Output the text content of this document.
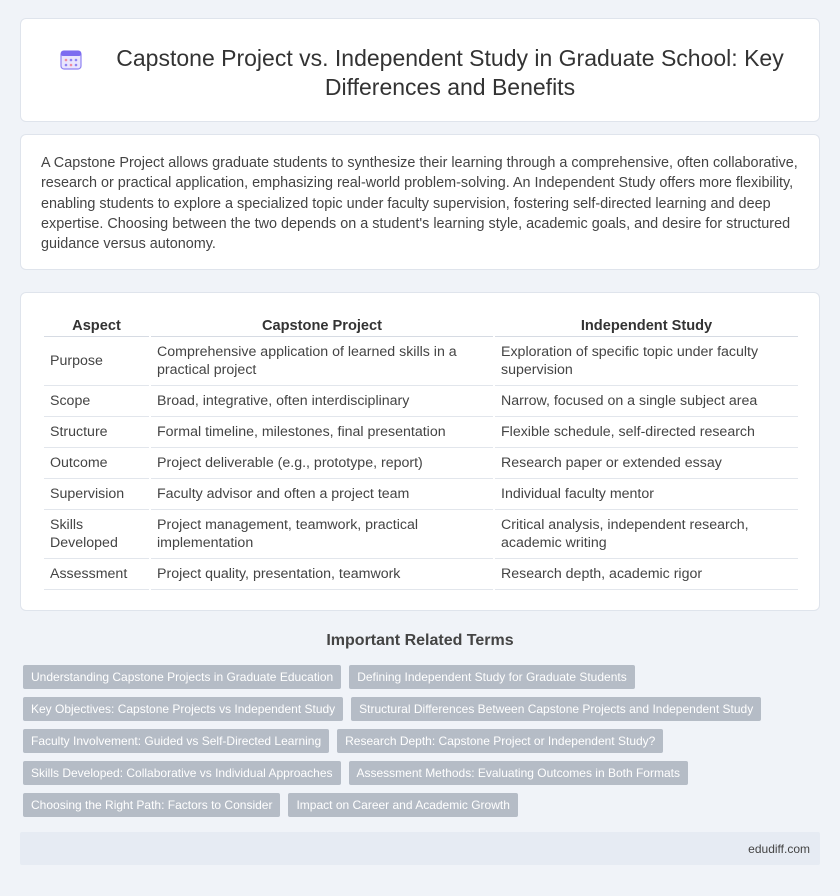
Capstone Project vs. Independent Study in Graduate School: Key Differences and Benefits

A Capstone Project allows graduate students to synthesize their learning through a comprehensive, often collaborative, research or practical application, emphasizing real-world problem-solving. An Independent Study offers more flexibility, enabling students to explore a specialized topic under faculty supervision, fostering self-directed learning and deep expertise. Choosing between the two depends on a student's learning style, academic goals, and desire for structured guidance versus autonomy.

Aspect	Capstone Project	Independent Study
Purpose	Comprehensive application of learned skills in a practical project	Exploration of specific topic under faculty supervision
Scope	Broad, integrative, often interdisciplinary	Narrow, focused on a single subject area
Structure	Formal timeline, milestones, final presentation	Flexible schedule, self-directed research
Outcome	Project deliverable (e.g., prototype, report)	Research paper or extended essay
Supervision	Faculty advisor and often a project team	Individual faculty mentor
Skills Developed	Project management, teamwork, practical implementation	Critical analysis, independent research, academic writing
Assessment	Project quality, presentation, teamwork	Research depth, academic rigor
Important Related Terms
Understanding Capstone Projects in Graduate Education	Defining Independent Study for Graduate Students
Key Objectives: Capstone Projects vs Independent Study	Structural Differences Between Capstone Projects and Independent Study
Faculty Involvement: Guided vs Self-Directed Learning	Research Depth: Capstone Project or Independent Study?
Skills Developed: Collaborative vs Individual Approaches	Assessment Methods: Evaluating Outcomes in Both Formats
Choosing the Right Path: Factors to Consider	Impact on Career and Academic Growth
edudiff.com
